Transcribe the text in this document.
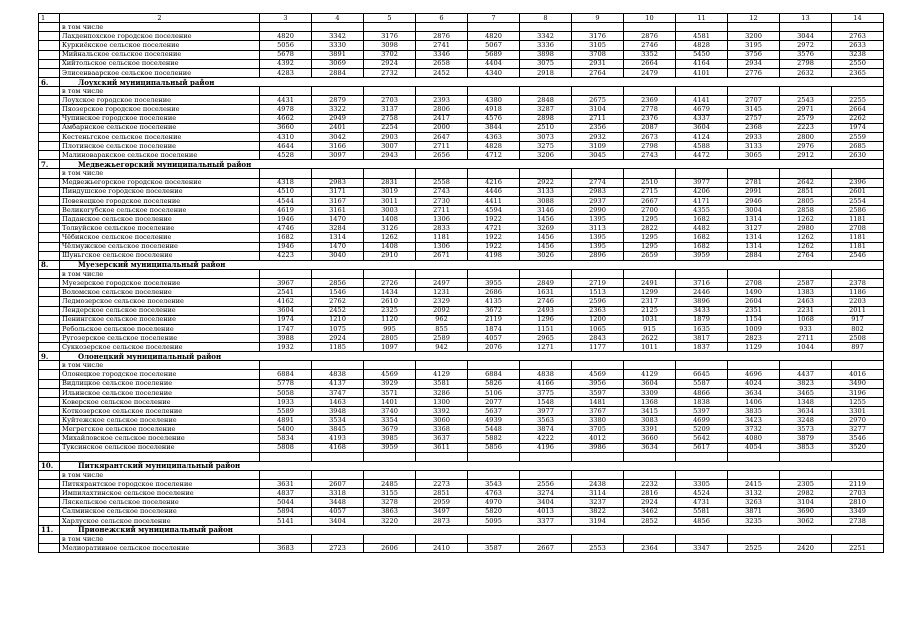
1	2	3	4	5	6	7	8	9	10	11	12	13	14
	в том числе												
	Лахденпохское городское поселение	4820	3342	3176	2876	4820	3342	3176	2876	4581	3200	3044	2763
	Куркиёкское сельское поселение	5056	3330	3098	2741	5067	3336	3105	2746	4828	3195	2972	2633
	Мийнальское сельское поселение	5678	3891	3702	3346	5689	3898	3708	3352	5450	3756	3576	3238
	Хийтольское сельское поселение	4392	3069	2924	2658	4404	3075	2931	2664	4164	2934	2798	2550
	Элисенваарское сельское поселение	4283	2884	2732	2452	4340	2918	2764	2479	4101	2776	2632	2365
6.	Лоухский муниципальный район												
	в том числе												
	Лоухское городское поселение	4431	2879	2703	2393	4380	2848	2675	2369	4141	2707	2543	2255
	Пяозерское городское поселение	4978	3322	3137	2806	4918	3287	3104	2778	4679	3145	2971	2664
	Чупинское городское поселение	4662	2949	2758	2417	4576	2898	2711	2376	4337	2757	2579	2262
	Амбарнское сельское поселение	3660	2401	2254	2000	3844	2510	2356	2087	3604	2368	2223	1974
	Кестеньгское сельское поселение	4310	3042	2903	2647	4363	3073	2932	2673	4124	2933	2800	2559
	Плотинское сельское поселение	4644	3166	3007	2711	4828	3275	3109	2798	4588	3133	2976	2685
	Малиноваракское сельское поселение	4528	3097	2943	2656	4712	3206	3045	2743	4472	3065	2912	2630
7.	Медвежьегорский муниципальный район												
	в том числе												
	Медвежьегорское городское поселение	4318	2983	2831	2558	4216	2922	2774	2510	3977	2781	2642	2396
	Пиндушское городское поселение	4510	3171	3019	2743	4446	3133	2983	2715	4206	2991	2851	2601
	Повенецкое городское поселение	4544	3167	3011	2730	4411	3088	2937	2667	4171	2946	2805	2554
	Великогубское сельское поселение	4619	3161	3003	2711	4594	3146	2990	2700	4355	3004	2858	2586
	Паданское сельское поселение	1946	1470	1408	1306	1922	1456	1395	1295	1682	1314	1262	1181
	Толвуйское сельское поселение	4746	3284	3126	2833	4721	3269	3113	2822	4482	3127	2980	2708
	Чёбинское сельское поселение	1682	1314	1262	1181	1922	1456	1395	1295	1682	1314	1262	1181
	Чёлмужское сельское поселение	1946	1470	1408	1306	1922	1456	1395	1295	1682	1314	1262	1181
	Шуньгское сельское поселение	4223	3040	2910	2671	4198	3026	2896	2659	3959	2884	2764	2546
8.	Муезерский муниципальный район												
	в том числе												
	Муезерское городское поселение	3967	2856	2726	2497	3955	2849	2719	2491	3716	2708	2587	2378
	Воломское сельское поселение	2541	1546	1434	1231	2686	1631	1513	1299	2446	1490	1383	1186
	Ледмозерское сельское поселение	4162	2762	2610	2329	4135	2746	2596	2317	3896	2604	2463	2203
	Лендерское сельское поселение	3604	2452	2325	2092	3672	2493	2363	2125	3433	2351	2231	2011
	Пенингское сельское поселение	1974	1210	1120	962	2119	1296	1200	1031	1879	1154	1068	917
	Ребольское сельское поселение	1747	1075	995	855	1874	1151	1065	915	1635	1009	933	802
	Ругозерское сельское поселение	3988	2924	2805	2589	4057	2965	2843	2622	3817	2823	2711	2508
	Суккозерское сельское поселение	1932	1185	1097	942	2076	1271	1177	1011	1837	1129	1044	897
9.	Олонецкий муниципальный район												
	в том числе												
	Олонецкое городское поселение	6884	4838	4569	4129	6884	4838	4569	4129	6645	4696	4437	4016
	Видлицкое сельское поселение	5778	4137	3929	3581	5826	4166	3956	3604	5587	4024	3823	3490
	Ильинское сельское поселение	5058	3747	3571	3286	5106	3775	3597	3309	4866	3634	3465	3196
	Коверское сельское поселение	1933	1463	1401	1300	2077	1548	1481	1368	1838	1406	1348	1255
	Коткозерское сельское поселение	5589	3948	3740	3392	5637	3977	3767	3415	5397	3835	3634	3301
	Куйтежское сельское поселение	4891	3534	3354	3060	4939	3563	3380	3083	4699	3423	3248	2970
	Мегрегское сельское поселение	5400	3845	3679	3368	5448	3874	3705	3391	5209	3732	3573	3277
	Михайловское сельское поселение	5834	4193	3985	3637	5882	4222	4012	3660	5642	4080	3879	3546
	Туксинское сельское поселение	5808	4168	3959	3611	5856	4196	3986	3634	5617	4054	3853	3520

10.	Питкярантский муниципальный район												
	в том числе												
	Питкярантское городское поселение	3631	2607	2485	2273	3543	2556	2438	2232	3305	2415	2305	2119
	Импилахтинское сельское поселение	4837	3318	3155	2851	4763	3274	3114	2816	4524	3132	2982	2703
	Ляскельское сельское поселение	5044	3448	3278	2959	4970	3404	3237	2924	4731	3263	3104	2810
	Салминское сельское поселение	5894	4057	3863	3497	5820	4013	3822	3462	5581	3871	3690	3349
	Харлуское сельское поселение	5141	3404	3220	2873	5095	3377	3194	2852	4856	3235	3062	2738
11.	Прионежский муниципальный район												
	в том числе												
	Мелиоративное сельское поселение	3683	2723	2606	2410	3587	2667	2553	2364	3347	2525	2420	2251
